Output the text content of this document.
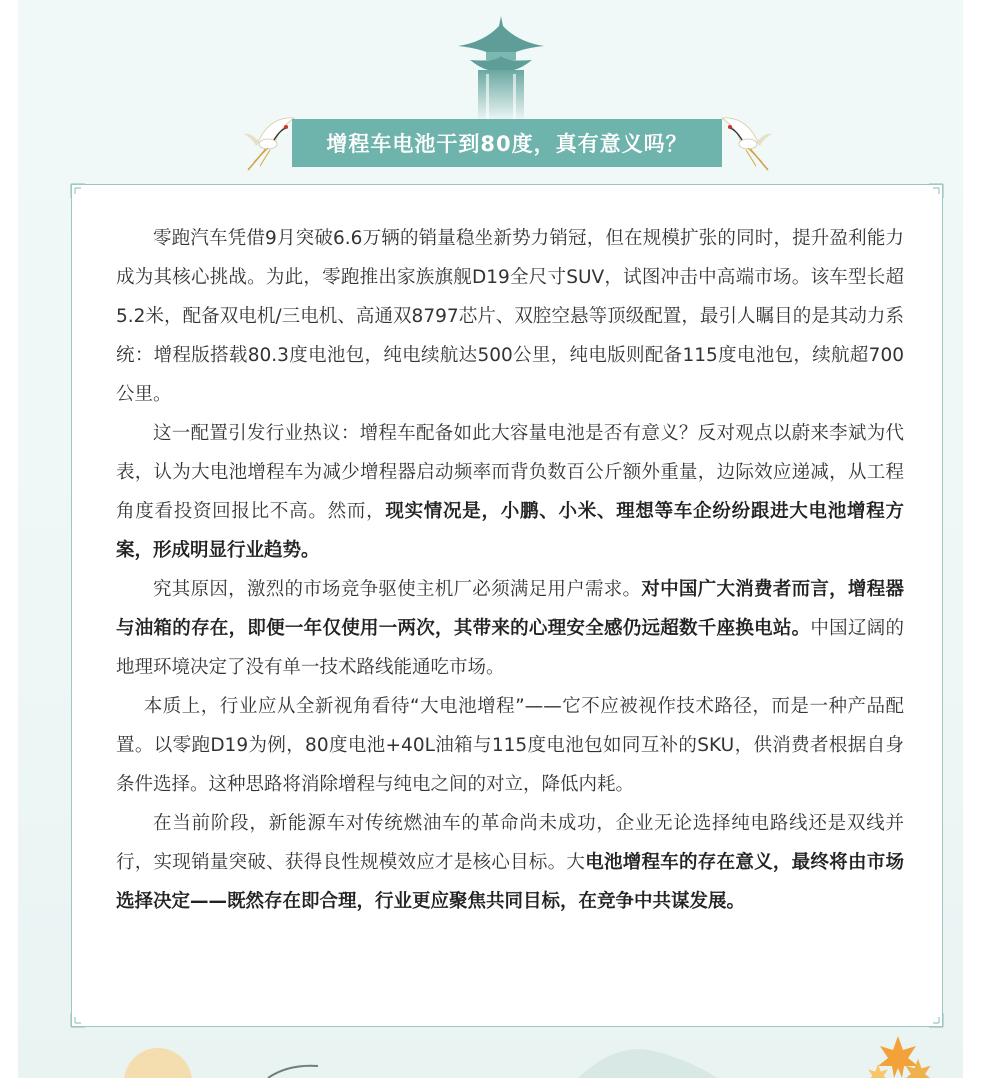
增程车电池干到80度，真有意义吗？

零跑汽车凭借9月突破6.6万辆的销量稳坐新势力销冠，但在规模扩张的同时，提升盈利能力成为其核心挑战。为此，零跑推出家族旗舰D19全尺寸SUV，试图冲击中高端市场。该车型长超5.2米，配备双电机/三电机、高通双8797芯片、双腔空悬等顶级配置，最引人瞩目的是其动力系统：增程版搭载80.3度电池包，纯电续航达500公里，纯电版则配备115度电池包，续航超700公里。

这一配置引发行业热议：增程车配备如此大容量电池是否有意义？反对观点以蔚来李斌为代表，认为大电池增程车为减少增程器启动频率而背负数百公斤额外重量，边际效应递减，从工程角度看投资回报比不高。然而，现实情况是，小鹏、小米、理想等车企纷纷跟进大电池增程方案，形成明显行业趋势。

究其原因，激烈的市场竞争驱使主机厂必须满足用户需求。对中国广大消费者而言，增程器与油箱的存在，即便一年仅使用一两次，其带来的心理安全感仍远超数千座换电站。中国辽阔的地理环境决定了没有单一技术路线能通吃市场。

本质上，行业应从全新视角看待“大电池增程”——它不应被视作技术路径，而是一种产品配置。以零跑D19为例，80度电池+40L油箱与115度电池包如同互补的SKU，供消费者根据自身条件选择。这种思路将消除增程与纯电之间的对立，降低内耗。

在当前阶段，新能源车对传统燃油车的革命尚未成功，企业无论选择纯电路线还是双线并行，实现销量突破、获得良性规模效应才是核心目标。大电池增程车的存在意义，最终将由市场选择决定——既然存在即合理，行业更应聚焦共同目标，在竞争中共谋发展。
